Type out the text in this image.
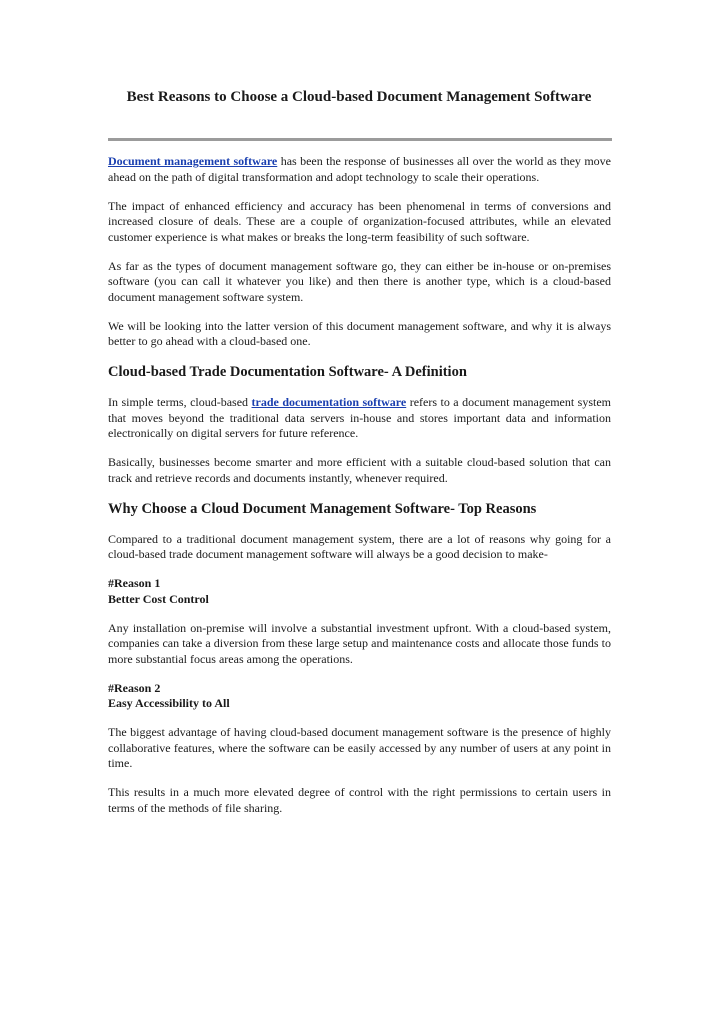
Best Reasons to Choose a Cloud-based Document Management Software

Document management software has been the response of businesses all over the world as they move ahead on the path of digital transformation and adopt technology to scale their operations.

The impact of enhanced efficiency and accuracy has been phenomenal in terms of conversions and increased closure of deals. These are a couple of organization-focused attributes, while an elevated customer experience is what makes or breaks the long-term feasibility of such software.

As far as the types of document management software go, they can either be in-house or on-premises software (you can call it whatever you like) and then there is another type, which is a cloud-based document management software system.

We will be looking into the latter version of this document management software, and why it is always better to go ahead with a cloud-based one.

Cloud-based Trade Documentation Software- A Definition

In simple terms, cloud-based trade documentation software refers to a document management system that moves beyond the traditional data servers in-house and stores important data and information electronically on digital servers for future reference.

Basically, businesses become smarter and more efficient with a suitable cloud-based solution that can track and retrieve records and documents instantly, whenever required.

Why Choose a Cloud Document Management Software- Top Reasons

Compared to a traditional document management system, there are a lot of reasons why going for a cloud-based trade document management software will always be a good decision to make-

#Reason 1
Better Cost Control

Any installation on-premise will involve a substantial investment upfront. With a cloud-based system, companies can take a diversion from these large setup and maintenance costs and allocate those funds to more substantial focus areas among the operations.

#Reason 2
Easy Accessibility to All

The biggest advantage of having cloud-based document management software is the presence of highly collaborative features, where the software can be easily accessed by any number of users at any point in time.

This results in a much more elevated degree of control with the right permissions to certain users in terms of the methods of file sharing.
